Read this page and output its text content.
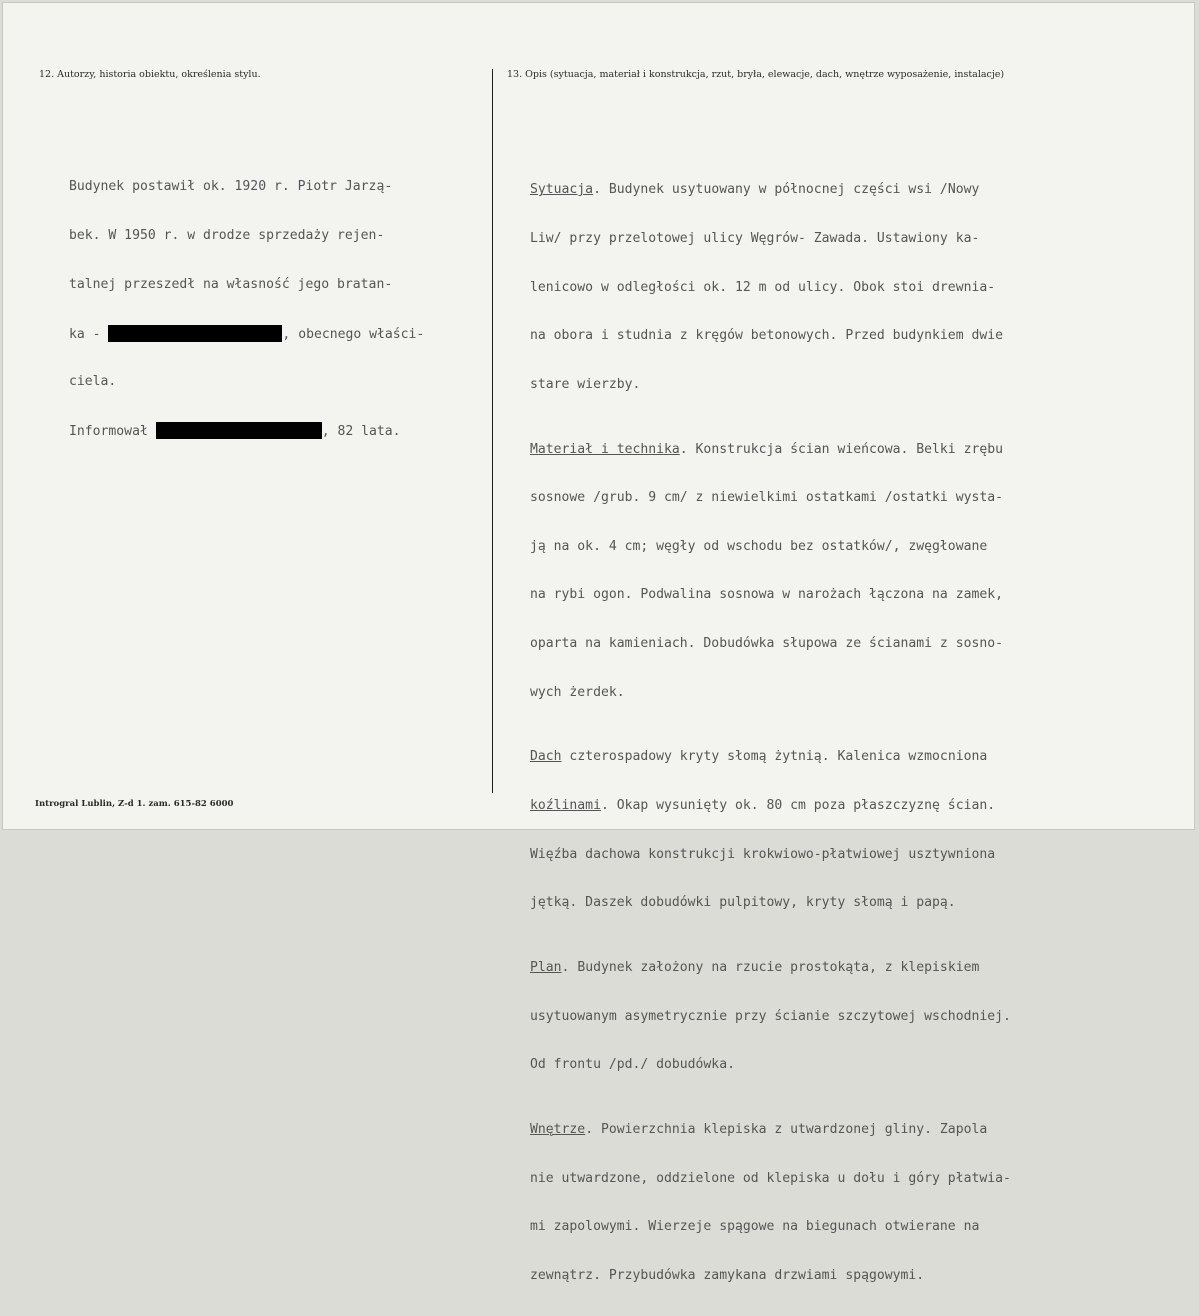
12. Autorzy, historia obiektu, określenia stylu.	13. Opis (sytuacja, materiał i konstrukcja, rzut, bryła, elewacje, dach, wnętrze wyposażenie, instalacje)

Budynek postawił ok. 1920 r. Piotr Jarzą-

bek. W 1950 r. w drodze sprzedaży rejen-

talnej przeszedł na własność jego bratan-

ka -	, obecnego właści-

ciela.

Informował	, 82 lata.

Sytuacja. Budynek usytuowany w północnej części wsi /Nowy

Liw/ przy przelotowej ulicy Węgrów- Zawada. Ustawiony ka-

lenicowo w odległości ok. 12 m od ulicy. Obok stoi drewnia-

na obora i studnia z kręgów betonowych. Przed budynkiem dwie

stare wierzby.

Materiał i technika. Konstrukcja ścian wieńcowa. Belki zrębu

sosnowe /grub. 9 cm/ z niewielkimi ostatkami /ostatki wysta-

ją na ok. 4 cm; węgły od wschodu bez ostatków/, zwęgłowane

na rybi ogon. Podwalina sosnowa w narożach łączona na zamek,

oparta na kamieniach. Dobudówka słupowa ze ścianami z sosno-

wych żerdek.

Dach czterospadowy kryty słomą żytnią. Kalenica wzmocniona

koźlinami. Okap wysunięty ok. 80 cm poza płaszczyznę ścian.

Więźba dachowa konstrukcji krokwiowo-płatwiowej usztywniona

jętką. Daszek dobudówki pulpitowy, kryty słomą i papą.

Plan. Budynek założony na rzucie prostokąta, z klepiskiem

usytuowanym asymetrycznie przy ścianie szczytowej wschodniej.

Od frontu /pd./ dobudówka.

Wnętrze. Powierzchnia klepiska z utwardzonej gliny. Zapola

nie utwardzone, oddzielone od klepiska u dołu i góry płatwia-

mi zapolowymi. Wierzeje spągowe na biegunach otwierane na

zewnątrz. Przybudówka zamykana drzwiami spągowymi.

Introgral Lublin, Z-d 1. zam. 615-82 6000
